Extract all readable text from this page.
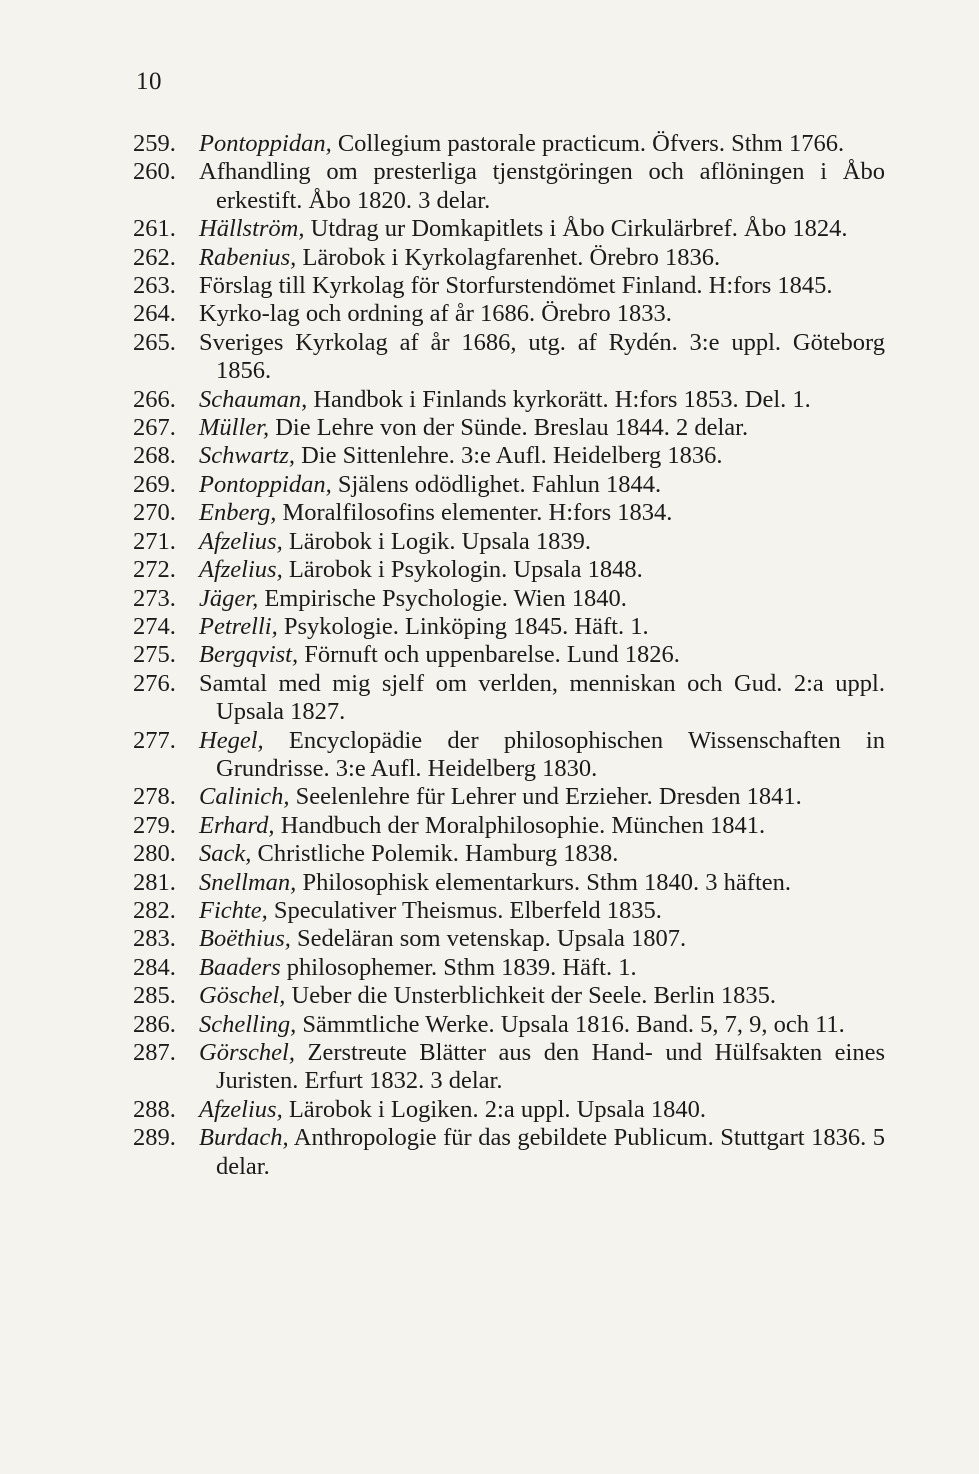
10
259. Pontoppidan, Collegium pastorale practicum. Öfvers. Sthm 1766.
260. Afhandling om presterliga tjenstgöringen och aflöningen i Åbo erkestift. Åbo 1820. 3 delar.
261. Hällström, Utdrag ur Domkapitlets i Åbo Cirkulärbref. Åbo 1824.
262. Rabenius, Lärobok i Kyrkolagfarenhet. Örebro 1836.
263. Förslag till Kyrkolag för Storfurstendömet Finland. H:fors 1845.
264. Kyrko-lag och ordning af år 1686. Örebro 1833.
265. Sveriges Kyrkolag af år 1686, utg. af Rydén. 3:e uppl. Göteborg 1856.
266. Schauman, Handbok i Finlands kyrkorätt. H:fors 1853. Del. 1.
267. Müller, Die Lehre von der Sünde. Breslau 1844. 2 delar.
268. Schwartz, Die Sittenlehre. 3:e Aufl. Heidelberg 1836.
269. Pontoppidan, Själens odödlighet. Fahlun 1844.
270. Enberg, Moralfilosofins elementer. H:fors 1834.
271. Afzelius, Lärobok i Logik. Upsala 1839.
272. Afzelius, Lärobok i Psykologin. Upsala 1848.
273. Jäger, Empirische Psychologie. Wien 1840.
274. Petrelli, Psykologie. Linköping 1845. Häft. 1.
275. Bergqvist, Förnuft och uppenbarelse. Lund 1826.
276. Samtal med mig sjelf om verlden, menniskan och Gud. 2:a uppl. Upsala 1827.
277. Hegel, Encyclopädie der philosophischen Wissenschaften in Grundrisse. 3:e Aufl. Heidelberg 1830.
278. Calinich, Seelenlehre für Lehrer und Erzieher. Dresden 1841.
279. Erhard, Handbuch der Moralphilosophie. München 1841.
280. Sack, Christliche Polemik. Hamburg 1838.
281. Snellman, Philosophisk elementarkurs. Sthm 1840. 3 häften.
282. Fichte, Speculativer Theismus. Elberfeld 1835.
283. Boëthius, Sedeläran som vetenskap. Upsala 1807.
284. Baaders philosophemer. Sthm 1839. Häft. 1.
285. Göschel, Ueber die Unsterblichkeit der Seele. Berlin 1835.
286. Schelling, Sämmtliche Werke. Upsala 1816. Band. 5, 7, 9, och 11.
287. Görschel, Zerstreute Blätter aus den Hand- und Hülfsakten eines Juristen. Erfurt 1832. 3 delar.
288. Afzelius, Lärobok i Logiken. 2:a uppl. Upsala 1840.
289. Burdach, Anthropologie für das gebildete Publicum. Stuttgart 1836. 5 delar.
